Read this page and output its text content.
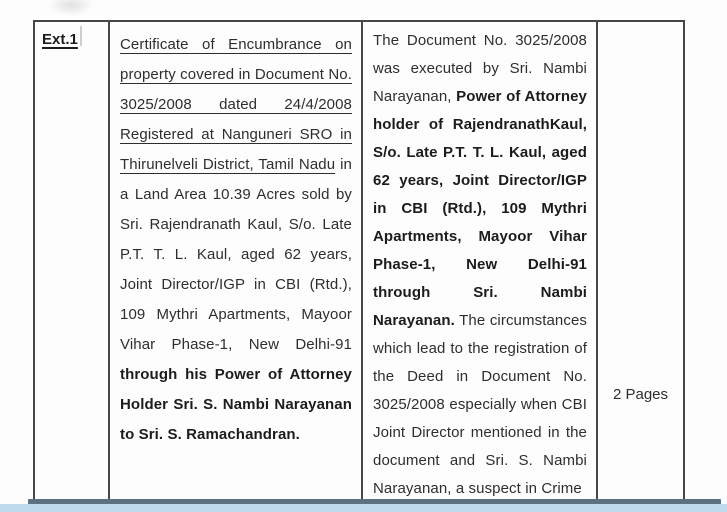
Ext.1	Certificate of Encumbrance on property covered in Document No. 3025/2008 dated 24/4/2008 Registered at Nanguneri SRO in Thirunelveli District, Tamil Nadu in a Land Area 10.39 Acres sold by Sri. Rajendranath Kaul, S/o. Late P.T. T. L. Kaul, aged 62 years, Joint Director/IGP in CBI (Rtd.), 109 Mythri Apartments, Mayoor Vihar Phase-1, New Delhi-91 through his Power of Attorney Holder Sri. S. Nambi Narayanan to Sri. S. Ramachandran.

The Document No. 3025/2008 was executed by Sri. Nambi Narayanan, Power of Attorney holder of RajendranathKaul, S/o. Late P.T. T. L. Kaul, aged 62 years, Joint Director/IGP in CBI (Rtd.), 109 Mythri Apartments, Mayoor Vihar Phase-1, New Delhi-91 through Sri. Nambi Narayanan. The circumstances which lead to the registration of the Deed in Document No. 3025/2008 especially when CBI Joint Director mentioned in the document and Sri. S. Nambi Narayanan, a suspect in Crime

2 Pages
